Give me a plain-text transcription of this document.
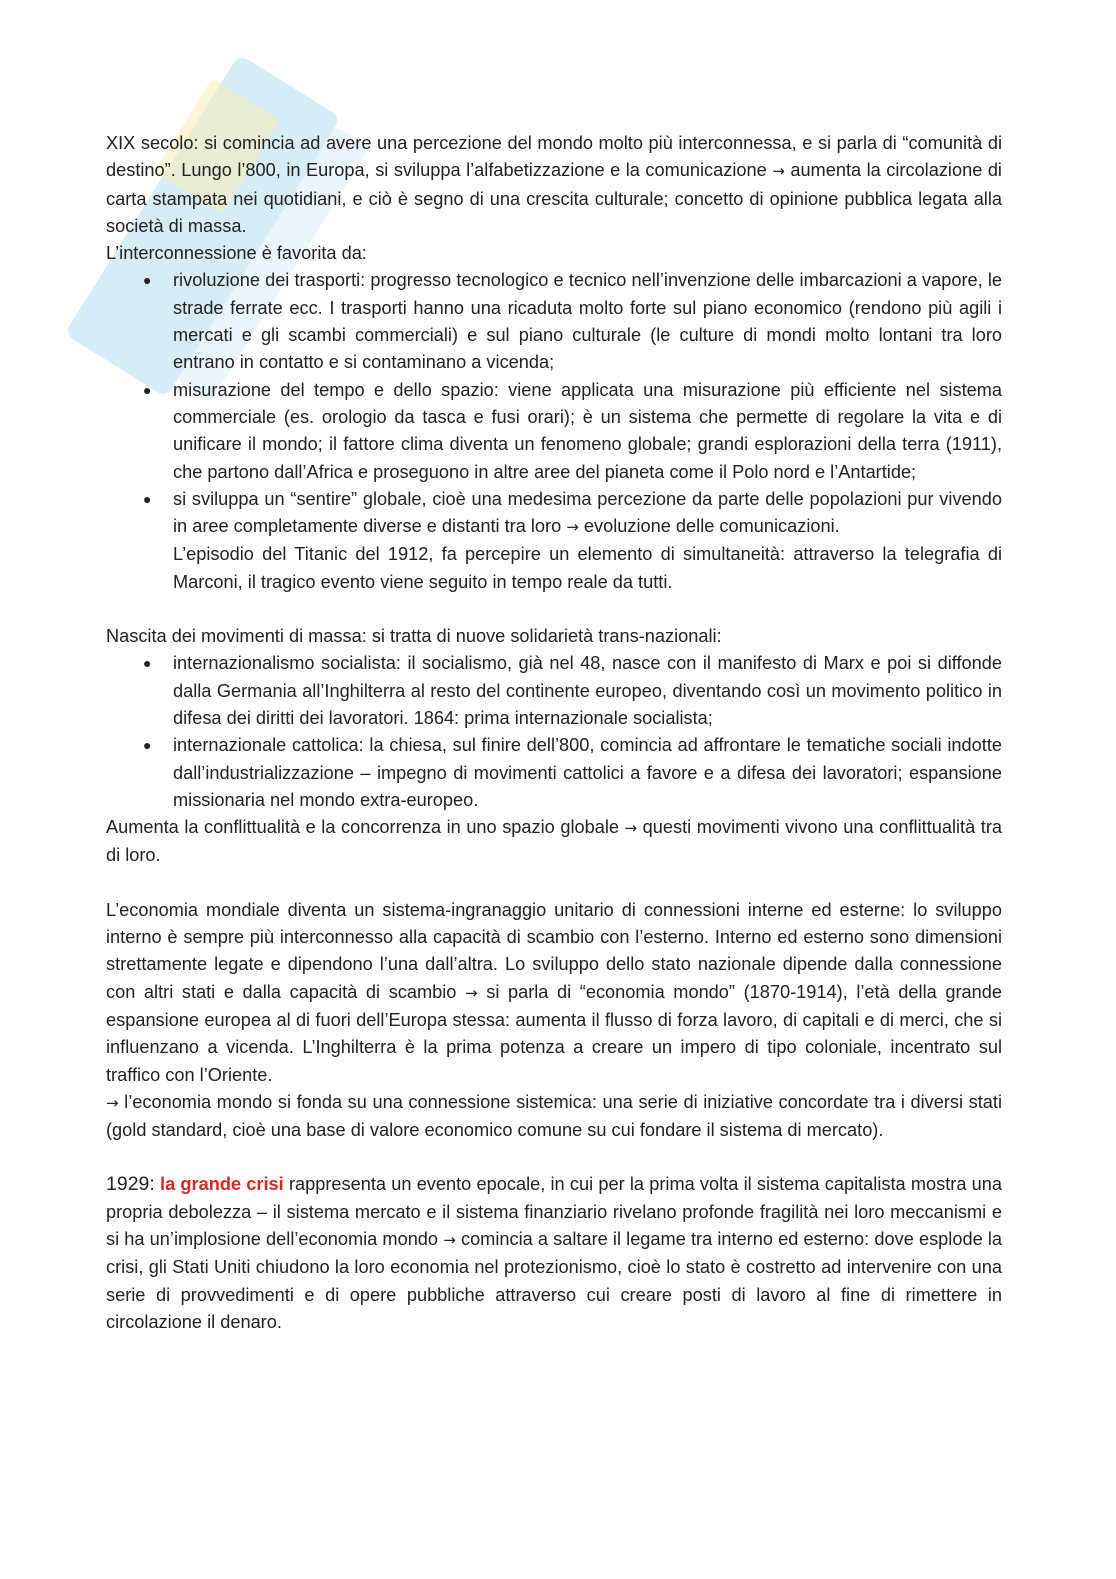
XIX secolo: si comincia ad avere una percezione del mondo molto più interconnessa, e si parla di “comunità di destino”. Lungo l’800, in Europa, si sviluppa l’alfabetizzazione e la comunicazione → aumenta la circolazione di carta stampata nei quotidiani, e ciò è segno di una crescita culturale; concetto di opinione pubblica legata alla società di massa.

L’interconnessione è favorita da:

● rivoluzione dei trasporti: progresso tecnologico e tecnico nell’invenzione delle imbarcazioni a vapore, le strade ferrate ecc. I trasporti hanno una ricaduta molto forte sul piano economico (rendono più agili i mercati e gli scambi commerciali) e sul piano culturale (le culture di mondi molto lontani tra loro entrano in contatto e si contaminano a vicenda;
● misurazione del tempo e dello spazio: viene applicata una misurazione più efficiente nel sistema commerciale (es. orologio da tasca e fusi orari); è un sistema che permette di regolare la vita e di unificare il mondo; il fattore clima diventa un fenomeno globale; grandi esplorazioni della terra (1911), che partono dall’Africa e proseguono in altre aree del pianeta come il Polo nord e l’Antartide;
● si sviluppa un “sentire” globale, cioè una medesima percezione da parte delle popolazioni pur vivendo in aree completamente diverse e distanti tra loro → evoluzione delle comunicazioni.

L’episodio del Titanic del 1912, fa percepire un elemento di simultaneità: attraverso la telegrafia di Marconi, il tragico evento viene seguito in tempo reale da tutti.

Nascita dei movimenti di massa: si tratta di nuove solidarietà trans-nazionali:

● internazionalismo socialista: il socialismo, già nel 48, nasce con il manifesto di Marx e poi si diffonde dalla Germania all’Inghilterra al resto del continente europeo, diventando così un movimento politico in difesa dei diritti dei lavoratori. 1864: prima internazionale socialista;
● internazionale cattolica: la chiesa, sul finire dell’800, comincia ad affrontare le tematiche sociali indotte dall’industrializzazione – impegno di movimenti cattolici a favore e a difesa dei lavoratori; espansione missionaria nel mondo extra-europeo.

Aumenta la conflittualità e la concorrenza in uno spazio globale → questi movimenti vivono una conflittualità tra di loro.

L’economia mondiale diventa un sistema-ingranaggio unitario di connessioni interne ed esterne: lo sviluppo interno è sempre più interconnesso alla capacità di scambio con l’esterno. Interno ed esterno sono dimensioni strettamente legate e dipendono l’una dall’altra. Lo sviluppo dello stato nazionale dipende dalla connessione con altri stati e dalla capacità di scambio → si parla di “economia mondo” (1870-1914), l’età della grande espansione europea al di fuori dell’Europa stessa: aumenta il flusso di forza lavoro, di capitali e di merci, che si influenzano a vicenda. L’Inghilterra è la prima potenza a creare un impero di tipo coloniale, incentrato sul traffico con l’Oriente.

→ l’economia mondo si fonda su una connessione sistemica: una serie di iniziative concordate tra i diversi stati (gold standard, cioè una base di valore economico comune su cui fondare il sistema di mercato).

1929: la grande crisi rappresenta un evento epocale, in cui per la prima volta il sistema capitalista mostra una propria debolezza – il sistema mercato e il sistema finanziario rivelano profonde fragilità nei loro meccanismi e si ha un’implosione dell’economia mondo → comincia a saltare il legame tra interno ed esterno: dove esplode la crisi, gli Stati Uniti chiudono la loro economia nel protezionismo, cioè lo stato è costretto ad intervenire con una serie di provvedimenti e di opere pubbliche attraverso cui creare posti di lavoro al fine di rimettere in circolazione il denaro.
